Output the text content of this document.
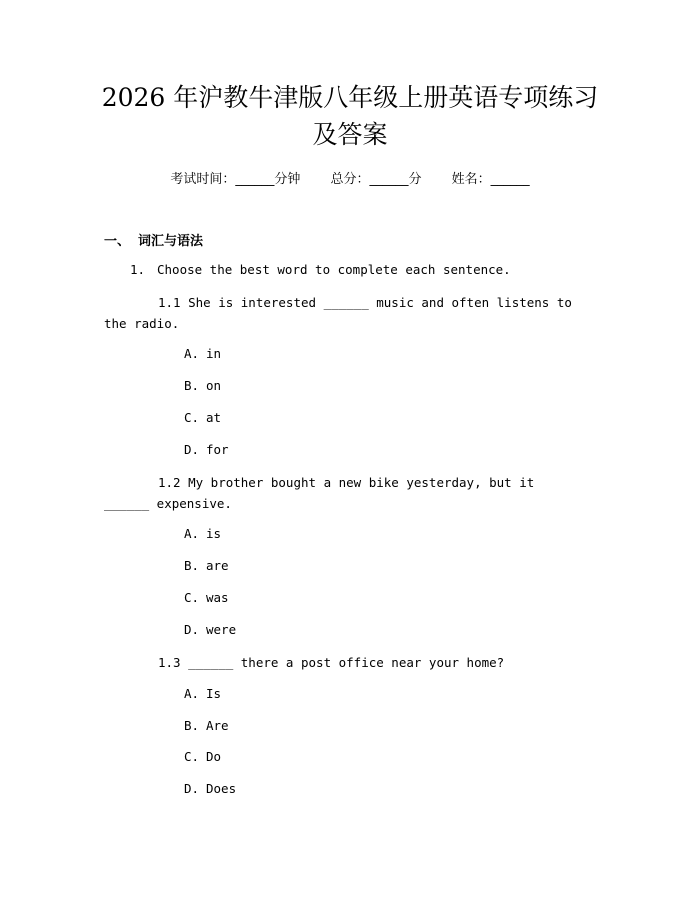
2026 年沪教牛津版八年级上册英语专项练习
及答案
考试时间：______分钟 总分：______分 姓名：______
一、 词汇与语法
1. Choose the best word to complete each sentence.
1.1 She is interested ______ music and often listens to the radio.
A. in
B. on
C. at
D. for
1.2 My brother bought a new bike yesterday, but it ______ expensive.
A. is
B. are
C. was
D. were
1.3 ______ there a post office near your home?
A. Is
B. Are
C. Do
D. Does
